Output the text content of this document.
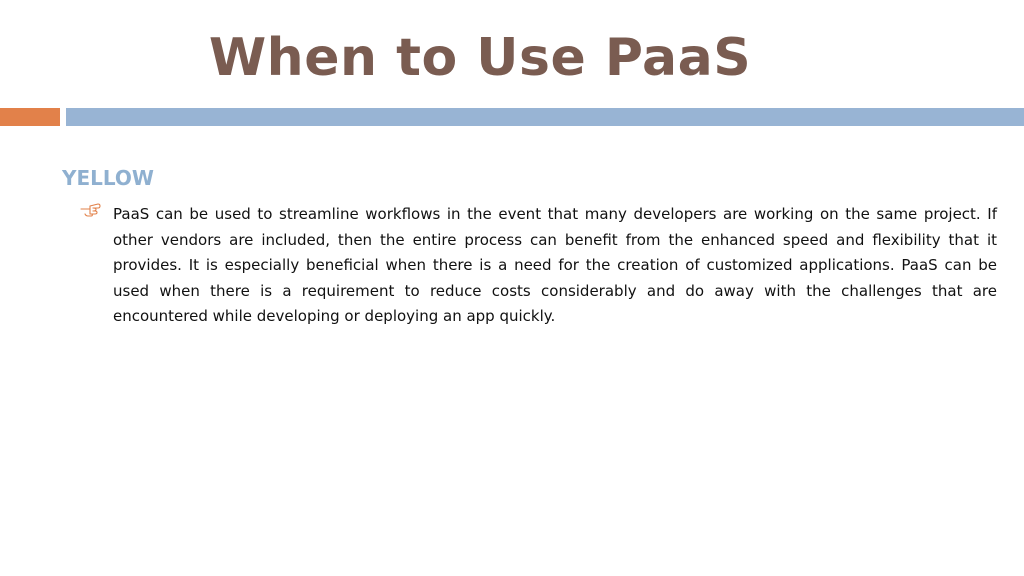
When to Use PaaS
YELLOW

PaaS can be used to streamline workflows in the event that many developers are working on the same project. If other vendors are included, then the entire process can benefit from the enhanced speed and flexibility that it provides. It is especially beneficial when there is a need for the creation of customized applications. PaaS can be used when there is a requirement to reduce costs considerably and do away with the challenges that are encountered while developing or deploying an app quickly.
